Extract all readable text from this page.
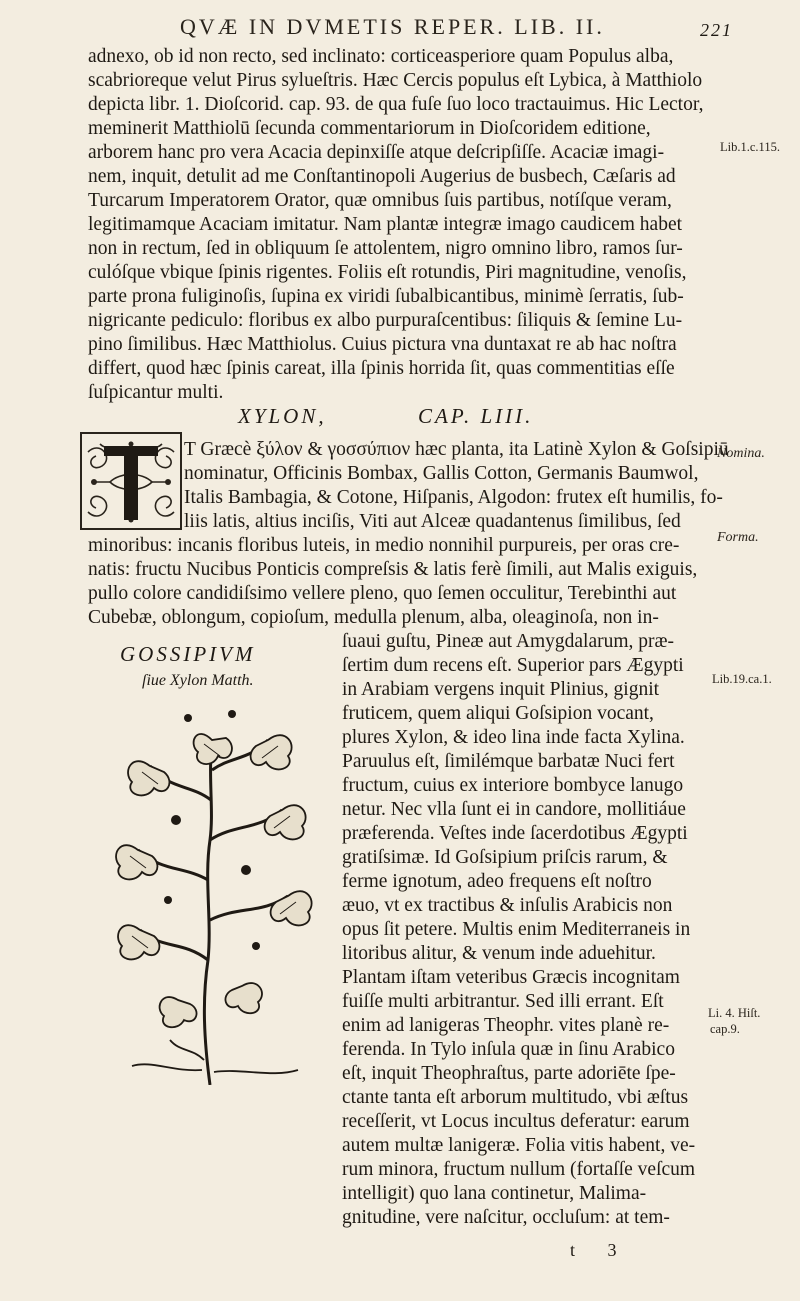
QVÆ IN DVMETIS REPER. LIB. II.	221
adnexo, ob id non recto, sed inclinato: corticeasperiore quam Populus alba,
scabrioreque velut Pirus sylueſtris. Hæc Cercis populus eſt Lybica, à Matthiolo
depicta libr. 1. Dioſcorid. cap. 93. de qua fuſe ſuo loco tractauimus. Hic Lector,
meminerit Matthiolū ſecunda commentariorum in Dioſcoridem editione,
arborem hanc pro vera Acacia depinxiſſe atque deſcripſiſſe. Acaciæ imagi-
nem, inquit, detulit ad me Conſtantinopoli Augerius de busbech, Cæſaris ad
Turcarum Imperatorem Orator, quæ omnibus ſuis partibus, notíſque veram,
legitimamque Acaciam imitatur. Nam plantæ integræ imago caudicem habet
non in rectum, ſed in obliquum ſe attolentem, nigro omnino libro, ramos ſur-
culóſque vbique ſpinis rigentes. Foliis eſt rotundis, Piri magnitudine, venoſis,
parte prona fuliginoſis, ſupina ex viridi ſubalbicantibus, minimè ſerratis, ſub-
nigricante pediculo: floribus ex albo purpuraſcentibus: ſiliquis & ſemine Lu-
pino ſimilibus. Hæc Matthiolus. Cuius pictura vna duntaxat re ab hac noſtra
differt, quod hæc ſpinis careat, illa ſpinis horrida ſit, quas commentitias eſſe
ſuſpicantur multi.
Lib.1.c.115.
XYLON,	CAP. LIII.
T Græcè ξύλον & γοσσύπιον hæc planta, ita Latinè Xylon & Goſsipiū
nominatur, Officinis Bombax, Gallis Cotton, Germanis Baumwol,
Italis Bambagia, & Cotone, Hiſpanis, Algodon: frutex eſt humilis, fo-
liis latis, altius inciſis, Viti aut Alceæ quadantenus ſimilibus, ſed
Nomina.
Forma.
minoribus: incanis floribus luteis, in medio nonnihil purpureis, per oras cre-
natis: fructu Nucibus Ponticis compreſsis & latis ferè ſimili, aut Malis exiguis,
pullo colore candidiſsimo vellere pleno, quo ſemen occulitur, Terebinthi aut
Cubebæ, oblongum, copioſum, medulla plenum, alba, oleaginoſa, non in-
GOSSIPIVM
ſiue Xylon Matth.
ſuaui guſtu, Pineæ aut Amygdalarum, præ-
ſertim dum recens eſt. Superior pars Ægypti
in Arabiam vergens inquit Plinius, gignit
fruticem, quem aliqui Goſsipion vocant,
plures Xylon, & ideo lina inde facta Xylina.
Paruulus eſt, ſimilémque barbatæ Nuci fert
fructum, cuius ex interiore bombyce lanugo
netur. Nec vlla ſunt ei in candore, mollitiáue
præferenda. Veſtes inde ſacerdotibus Ægypti
gratiſsimæ. Id Goſsipium priſcis rarum, &
ferme ignotum, adeo frequens eſt noſtro
æuo, vt ex tractibus & inſulis Arabicis non
opus ſit petere. Multis enim Mediterraneis in
litoribus alitur, & venum inde aduehitur.
Plantam iſtam veteribus Græcis incognitam
fuiſſe multi arbitrantur. Sed illi errant. Eſt
enim ad lanigeras Theophr. vites planè re-
ferenda. In Tylo inſula quæ in ſinu Arabico
eſt, inquit Theophraſtus, parte adoriēte ſpe-
ctante tanta eſt arborum multitudo, vbi æſtus
receſſerit, vt Locus incultus deferatur: earum
autem multæ lanigeræ. Folia vitis habent, ve-
rum minora, fructum nullum (fortaſſe veſcum
intelligit) quo lana continetur, Malima-
gnitudine, vere naſcitur, occluſum: at tem-
Lib.19.ca.1.
Li. 4. Hiſt.
cap.9.
t 3
